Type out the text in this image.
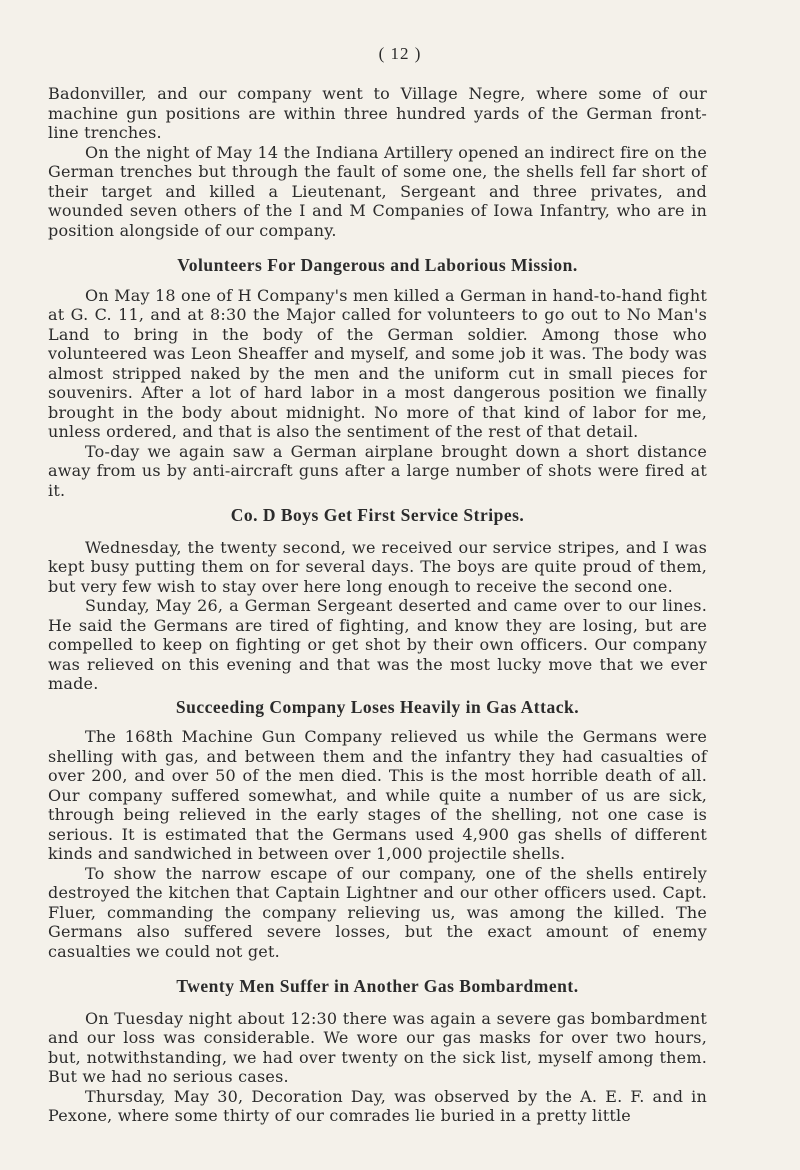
( 12 )

Badonviller, and our company went to Village Negre, where some of our machine gun positions are within three hundred yards of the German front-line trenches.

On the night of May 14 the Indiana Artillery opened an indirect fire on the German trenches but through the fault of some one, the shells fell far short of their target and killed a Lieutenant, Sergeant and three privates, and wounded seven others of the I and M Companies of Iowa Infantry, who are in position alongside of our company.

Volunteers For Dangerous and Laborious Mission.

On May 18 one of H Company's men killed a German in hand-to-hand fight at G. C. 11, and at 8:30 the Major called for volunteers to go out to No Man's Land to bring in the body of the German soldier. Among those who volunteered was Leon Sheaffer and myself, and some job it was. The body was almost stripped naked by the men and the uniform cut in small pieces for souvenirs. After a lot of hard labor in a most dangerous position we finally brought in the body about midnight. No more of that kind of labor for me, unless ordered, and that is also the sentiment of the rest of that detail.

To-day we again saw a German airplane brought down a short distance away from us by anti-aircraft guns after a large number of shots were fired at it.

Co. D Boys Get First Service Stripes.

Wednesday, the twenty second, we received our service stripes, and I was kept busy putting them on for several days. The boys are quite proud of them, but very few wish to stay over here long enough to receive the second one.

Sunday, May 26, a German Sergeant deserted and came over to our lines. He said the Germans are tired of fighting, and know they are losing, but are compelled to keep on fighting or get shot by their own officers. Our company was relieved on this evening and that was the most lucky move that we ever made.

Succeeding Company Loses Heavily in Gas Attack.

The 168th Machine Gun Company relieved us while the Germans were shelling with gas, and between them and the infantry they had casualties of over 200, and over 50 of the men died. This is the most horrible death of all. Our company suffered somewhat, and while quite a number of us are sick, through being relieved in the early stages of the shelling, not one case is serious. It is estimated that the Germans used 4,900 gas shells of different kinds and sandwiched in between over 1,000 projectile shells.

To show the narrow escape of our company, one of the shells entirely destroyed the kitchen that Captain Lightner and our other officers used. Capt. Fluer, commanding the company relieving us, was among the killed. The Germans also suffered severe losses, but the exact amount of enemy casualties we could not get.

Twenty Men Suffer in Another Gas Bombardment.

On Tuesday night about 12:30 there was again a severe gas bombardment and our loss was considerable. We wore our gas masks for over two hours, but, notwithstanding, we had over twenty on the sick list, myself among them. But we had no serious cases.

Thursday, May 30, Decoration Day, was observed by the A. E. F. and in Pexone, where some thirty of our comrades lie buried in a pretty little
